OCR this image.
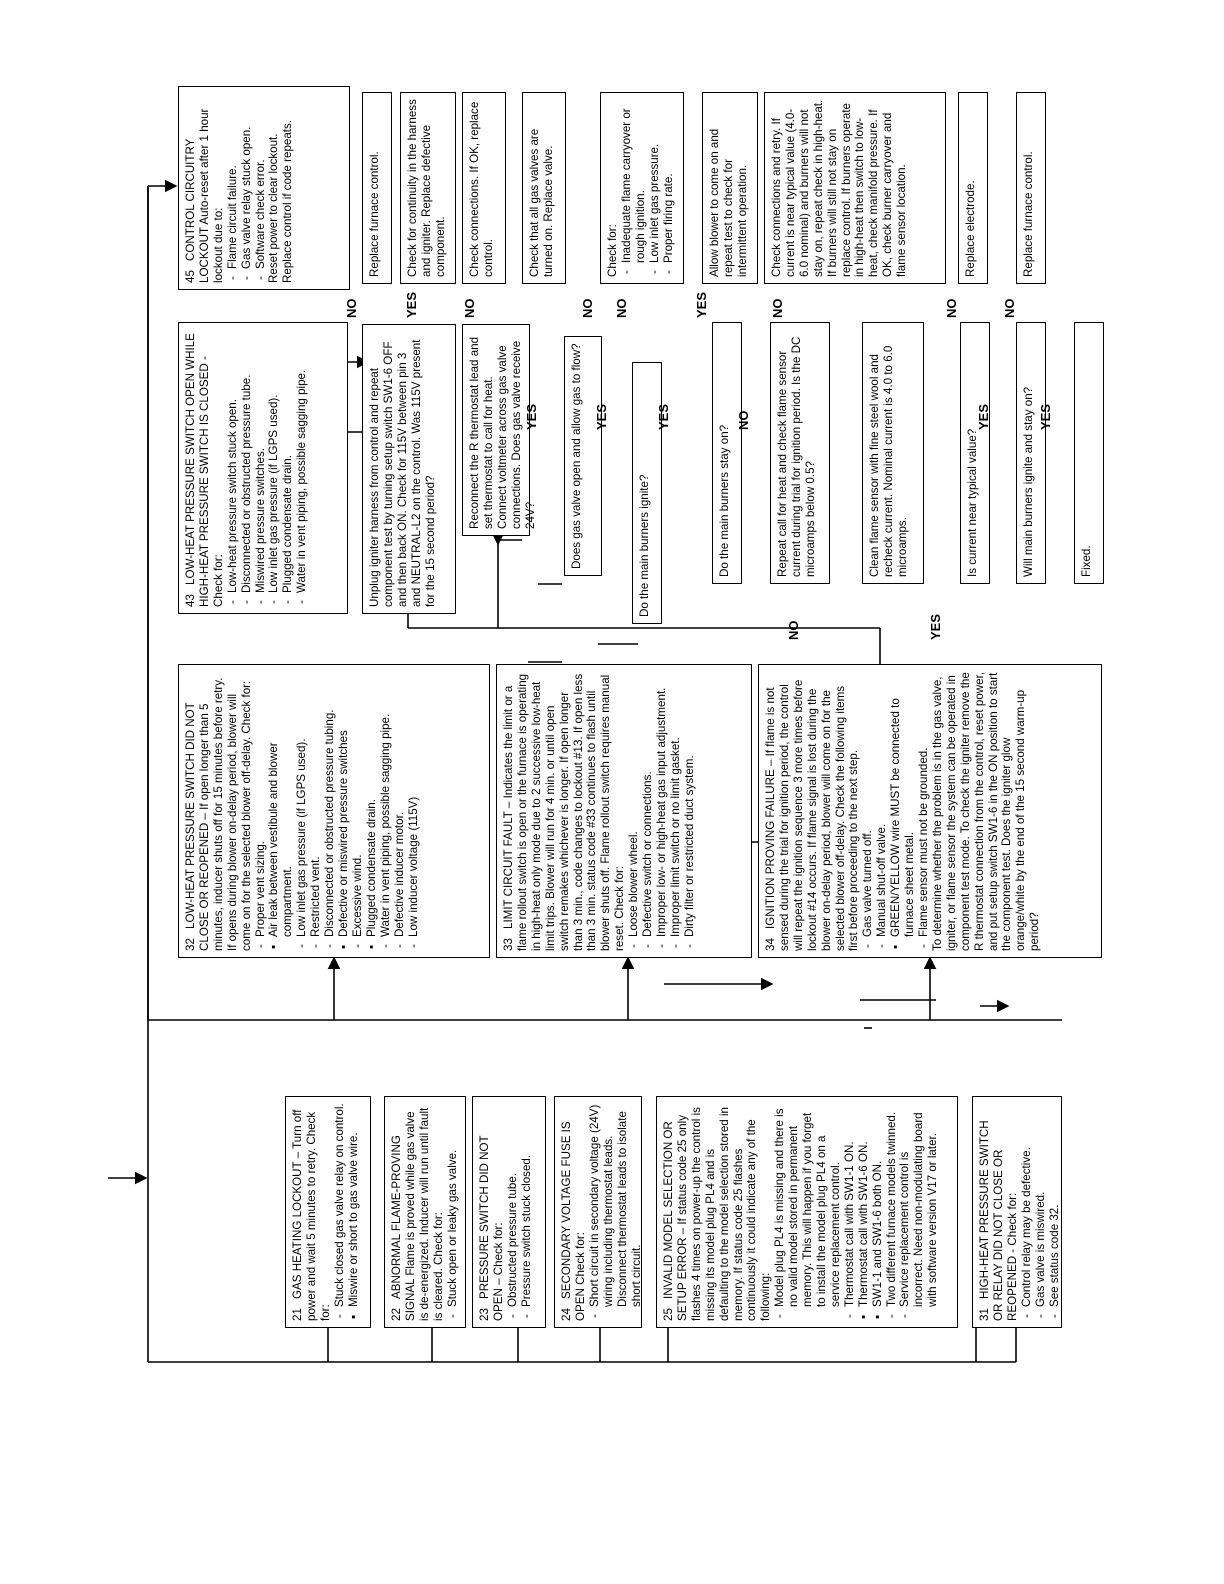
21GAS HEATING LOCKOUT – Turn off power and wait 5 minutes to retry. Check for:
- Stuck closed gas valve relay on control. ▪ Miswire or short to gas valve wire.
22ABNORMAL FLAME-PROVING SIGNAL Flame is proved while gas valve is de-energized. Inducer will run until fault is cleared. Check for: - Stuck open or leaky gas valve.
23PRESSURE SWITCH DID NOT OPEN – Check for: - Obstructed pressure tube. - Pressure switch stuck closed.
24SECONDARY VOLTAGE FUSE IS OPEN Check for: - Short circuit in secondary voltage (24V) wiring including thermostat leads. Disconnect thermostat leads to isolate short circuit.
25INVALID MODEL SELECTION OR SETUP ERROR – If status code 25 only flashes 4 times on power-up the control is missing its model plug PL4 and is defaulting to the model selection stored in memory. If status code 25 flashes continuously it could indicate any of the following: - Model plug PL4 is missing and there is no valid model stored in permanent memory. This will happen if you forget to install the model plug PL4 on a service replacement control. - Thermostat call with SW1-1 ON. ▪ Thermostat call with SW1-6 ON. ▪ SW1-1 and SW1-6 both ON. - Two different furnace models twinned. - Service replacement control is incorrect. Need non-modulating board with software version V17 or later.
31HIGH-HEAT PRESSURE SWITCH OR RELAY DID NOT CLOSE OR REOPENED - Check for: - Control relay may be defective. - Gas valve is miswired. - See status code 32.
32LOW-HEAT PRESSURE SWITCH DID NOT CLOSE OR REOPENED – If open longer than 5 minutes, inducer shuts off for 15 minutes before retry. If opens during blower on-delay period, blower will come on for the selected blower off-delay. Check for: - Proper vent sizing. ▪ Air leak between vestibule and blower compartment. - Low inlet gas pressure (if LGPS used). - Restricted vent. - Disconnected or obstructed pressure tubing. ▪ Defective or miswired pressure switches - Excessive wind. ▪ Plugged condensate drain. - Water in vent piping, possible sagging pipe. - Defective inducer motor. - Low inducer voltage (115V)
33LIMIT CIRCUIT FAULT – Indicates the limit or a flame rollout switch is open or the furnace is operating in high-heat only mode due to 2 successive low-heat limit trips. Blower will run for 4 min. or until open switch remakes whichever is longer. If open longer than 3 min., code changes to lockout #13. If open less than 3 min. status code #33 continues to flash until blower shuts off. Flame rollout switch requires manual reset. Check for: - Loose blower wheel. - Defective switch or connections. - Improper low- or high-heat gas input adjustment. - Improper limit switch or no limit gasket. - Dirty filter or restricted duct system.
34IGNITION PROVING FAILURE – If flame is not sensed during the trial for ignition period, the control will repeat the ignition sequence 3 more times before lockout #14 occurs. If flame signal is lost during the blower on-delay period, blower will come on for the selected blower off-delay. Check the following items first before proceeding to the next step. - Gas valve turned off. - Manual shut-off valve. ▪ GREEN/YELLOW wire MUST be connected to furnace sheet metal. - Flame sensor must not be grounded. To determine whether the problem is in the gas valve, igniter, or flame sensor the system can be operated in component test mode. To check the igniter remove the R thermostat connection from the control, reset power, and put setup switch SW1-6 in the ON position to start the component test. Does the igniter glow orange/white by the end of the 15 second warm-up period?

43LOW-HEAT PRESSURE SWITCH OPEN WHILE HIGH-HEAT PRESSURE SWITCH IS CLOSED - Check for: - Low-heat pressure switch stuck open. - Disconnected or obstructed pressure tube. - Miswired pressure switches. - Low inlet gas pressure (if LGPS used). - Plugged condensate drain. - Water in vent piping, possible sagging pipe.	Unplug igniter harness from control and repeat component test by turning setup switch SW1-6 OFF and then back ON. Check for 115V between pin 3 and NEUTRAL-L2 on the control. Was 115V present for the 15 second period?
Reconnect the R thermostat lead and set thermostat to call for heat. Connect voltmeter across gas valve connections. Does gas valve receive 24V?	Does gas valve open and allow gas to flow?	Do the main burners ignite?	Do the main burners stay on?	Repeat call for heat and check flame sensor current during trial for ignition period. Is the DC microamps below 0.5?	Clean flame sensor with fine steel wool and recheck current. Nominal current is 4.0 to 6.0 microamps.	Is current near typical value?	Will main burners ignite and stay on?	Fixed.
45CONTROL CIRCUITRY LOCKOUT Auto-reset after 1 hour lockout due to: - Flame circuit failure. - Gas valve relay stuck open. - Software check error. Reset power to clear lockout. Replace control if code repeats.	Replace furnace control.	Check for continuity in the harness and igniter. Replace defective component.	Check connections. If OK, replace control.	Check that all gas valves are turned on. Replace valve.	Check for: - Inadequate flame carryover or rough ignition. - Low inlet gas pressure. - Proper firing rate.	Allow blower to come on and repeat test to check for intermittent operation.	Check connections and retry. If current is near typical value (4.0-6.0 nominal) and burners will not stay on, repeat check in high-heat. If burners will still not stay on replace control. If burners operate in high-heat then switch to low-heat, check manifold pressure. If OK, check burner carryover and flame sensor location.	Replace electrode.	Replace furnace control.
NO	YES	NO	NO NO	YES	NO	NO	NO
YES	YES	YES	NO	YES	YES
NO	YES
